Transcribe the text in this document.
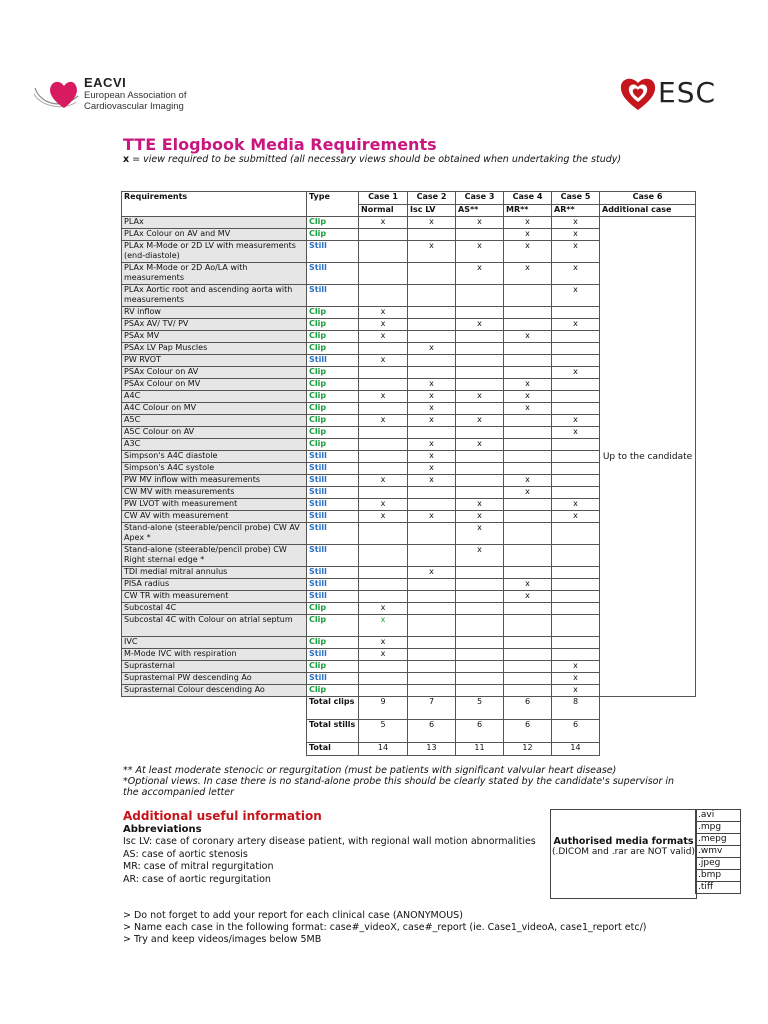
EACVI
European Association of
Cardiovascular Imaging	ESC
TTE Elogbook Media Requirements
x = view required to be submitted (all necessary views should be obtained when undertaking the study)
Requirements	Type	Case 1	Case 2	Case 3	Case 4	Case 5	Case 6
		Normal	Isc LV	AS**	MR**	AR**	Additional case
PLAx	Clip	x	x	x	x	x	Up to the candidate
PLAx Colour on AV and MV	Clip				x	x	
PLAx M-Mode or 2D LV with measurements (end-diastole)	Still		x	x	x	x	
PLAx M-Mode or 2D Ao/LA with measurements	Still			x	x	x	
PLAx Aortic root and ascending aorta with measurements	Still					x	
RV inflow	Clip	x					
PSAx AV/ TV/ PV	Clip	x		x		x	
PSAx MV	Clip	x			x		
PSAx LV Pap Muscles	Clip		x				
PW RVOT	Still	x					
PSAx Colour on AV	Clip					x	
PSAx Colour on MV	Clip		x		x		
A4C	Clip	x	x	x	x		
A4C Colour on MV	Clip		x		x		
A5C	Clip	x	x	x		x	
A5C Colour on AV	Clip					x	
A3C	Clip		x	x			
Simpson's A4C diastole	Still		x				
Simpson's A4C systole	Still		x				
PW MV inflow with measurements	Still	x	x		x		
CW MV with measurements	Still				x		
PW LVOT with measurement	Still	x		x		x	
CW AV with measurement	Still	x	x	x		x	
Stand-alone (steerable/pencil probe) CW AV Apex *	Still			x			
Stand-alone (steerable/pencil probe) CW Right sternal edge *	Still			x			
TDI medial mitral annulus	Still		x				
PISA radius	Still				x		
CW TR with measurement	Still				x		
Subcostal 4C	Clip	x					
Subcostal 4C with Colour on atrial septum	Clip	x					
IVC	Clip	x					
M-Mode IVC with respiration	Still	x					
Suprasternal	Clip					x	
Suprasternal PW descending Ao	Still					x	
Suprasternal Colour descending Ao	Clip					x	
	Total clips	9	7	5	6	8	
	Total stills	5	6	6	6	6	
	Total	14	13	11	12	14	
** At least moderate stenocic or regurgitation (must be patients with significant valvular heart disease)
*Optional views. In case there is no stand-alone probe this should be clearly stated by the candidate's supervisor in the accompanied letter
Additional useful information
Abbreviations
Isc LV: case of coronary artery disease patient, with regional wall motion abnormalities
AS: case of aortic stenosis
MR: case of mitral regurgitation
AR: case of aortic regurgitation
Authorised media formats
(.DICOM and .rar are NOT valid)
.avi
.mpg
.mepg
.wmv
.jpeg
.bmp
.tiff
> Do not forget to add your report for each clinical case (ANONYMOUS)
> Name each case in the following format: case#_videoX, case#_report (ie. Case1_videoA, case1_report etc/)
> Try and keep videos/images below 5MB
